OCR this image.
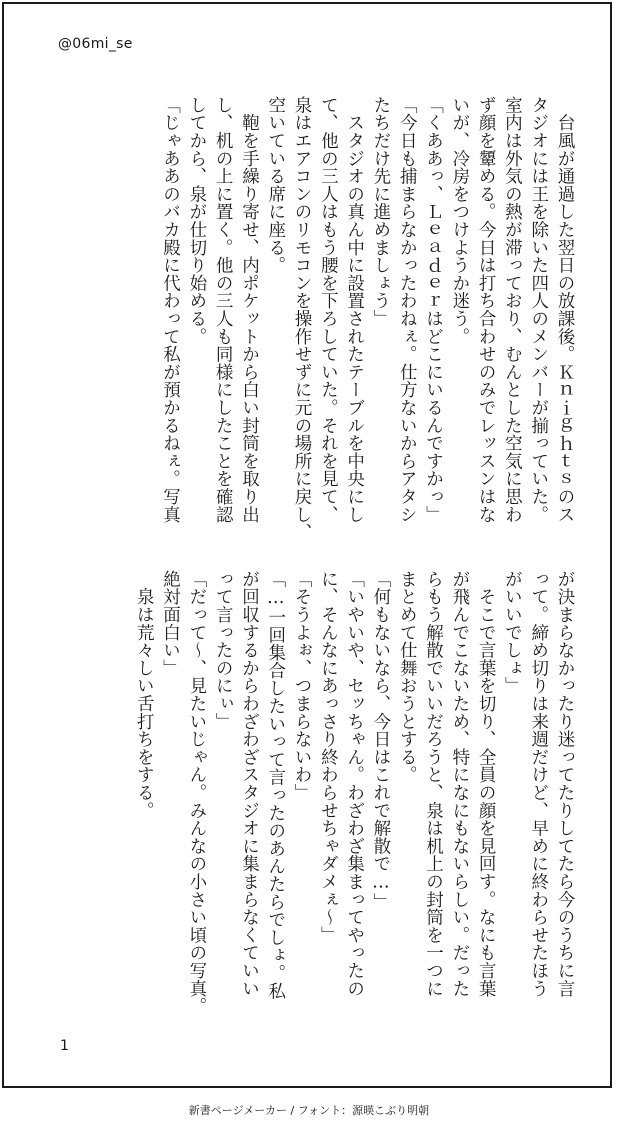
@06mi_se

　台風が通過した翌日の放課後。Ｋｎｉｇｈｔｓのス

タジオには王を除いた四人のメンバーが揃っていた。

室内は外気の熱が滞っており、むんとした空気に思わ

ず顔を顰める。今日は打ち合わせのみでレッスンはな

いが、冷房をつけようか迷う。

「くああっ、Ｌｅａｄｅｒはどこにいるんですかっ」

「今日も捕まらなかったわねぇ。仕方ないからアタシ

たちだけ先に進めましょう」

　スタジオの真ん中に設置されたテーブルを中央にし

て、他の三人はもう腰を下ろしていた。それを見て、

泉はエアコンのリモコンを操作せずに元の場所に戻し、

空いている席に座る。

　鞄を手繰り寄せ、内ポケットから白い封筒を取り出

し、机の上に置く。他の三人も同様にしたことを確認

してから、泉が仕切り始める。

「じゃああのバカ殿に代わって私が預かるねぇ。写真

が決まらなかったり迷ってたりしてたら今のうちに言

って。締め切りは来週だけど、早めに終わらせたほう

がいいでしょ」

　そこで言葉を切り、全員の顔を見回す。なにも言葉

が飛んでこないため、特になにもないらしい。だった

らもう解散でいいだろうと、泉は机上の封筒を一つに

まとめて仕舞おうとする。

「何もないなら、今日はこれで解散で…」

「いやいや、セッちゃん。わざわざ集まってやったの

に、そんなにあっさり終わらせちゃダメぇ〜」

「そうよぉ、つまらないわ」

「…一回集合したいって言ったのあんたらでしょ。私

が回収するからわざわざスタジオに集まらなくていい

って言ったのにぃ」

「だって〜、見たいじゃん。みんなの小さい頃の写真。

絶対面白い」

　泉は荒々しい舌打ちをする。

1
新書ページメーカー / フォント：源暎こぶり明朝
